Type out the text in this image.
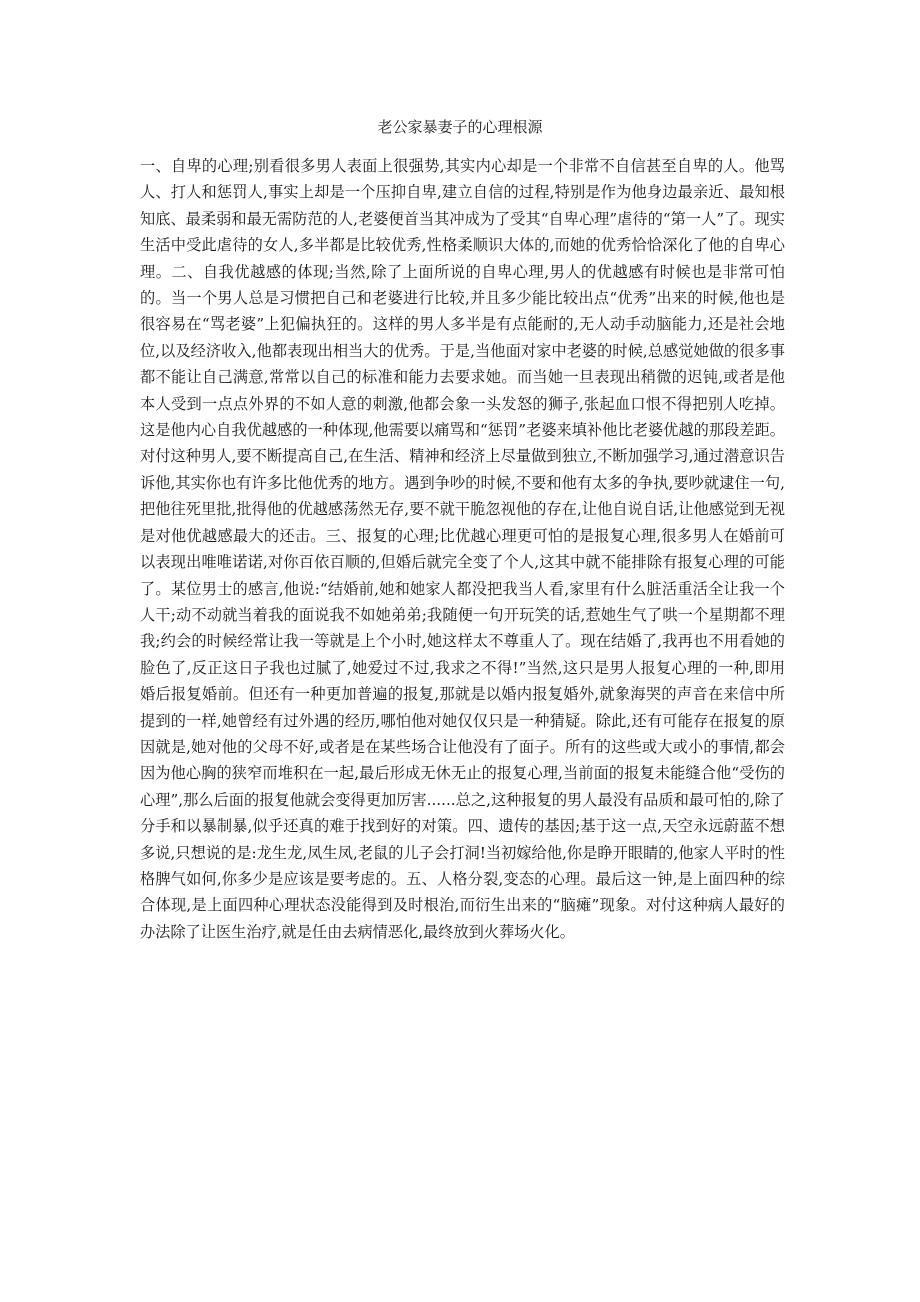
老公家暴妻子的心理根源

一、自卑的心理;别看很多男人表面上很强势,其实内心却是一个非常不自信甚至自卑的人。他骂人、打人和惩罚人,事实上却是一个压抑自卑,建立自信的过程,特别是作为他身边最亲近、最知根知底、最柔弱和最无需防范的人,老婆便首当其冲成为了受其“自卑心理”虐待的“第一人”了。现实生活中受此虐待的女人,多半都是比较优秀,性格柔顺识大体的,而她的优秀恰恰深化了他的自卑心理。二、自我优越感的体现;当然,除了上面所说的自卑心理,男人的优越感有时候也是非常可怕的。当一个男人总是习惯把自己和老婆进行比较,并且多少能比较出点“优秀”出来的时候,他也是很容易在“骂老婆”上犯偏执狂的。这样的男人多半是有点能耐的,无人动手动脑能力,还是社会地位,以及经济收入,他都表现出相当大的优秀。于是,当他面对家中老婆的时候,总感觉她做的很多事都不能让自己满意,常常以自己的标准和能力去要求她。而当她一旦表现出稍微的迟钝,或者是他本人受到一点点外界的不如人意的刺激,他都会象一头发怒的狮子,张起血口恨不得把别人吃掉。这是他内心自我优越感的一种体现,他需要以痛骂和“惩罚”老婆来填补他比老婆优越的那段差距。对付这种男人,要不断提高自己,在生活、精神和经济上尽量做到独立,不断加强学习,通过潜意识告诉他,其实你也有许多比他优秀的地方。遇到争吵的时候,不要和他有太多的争执,要吵就逮住一句,把他往死里批,批得他的优越感荡然无存,要不就干脆忽视他的存在,让他自说自话,让他感觉到无视是对他优越感最大的还击。三、报复的心理;比优越心理更可怕的是报复心理,很多男人在婚前可以表现出唯唯诺诺,对你百依百顺的,但婚后就完全变了个人,这其中就不能排除有报复心理的可能了。某位男士的感言,他说:“结婚前,她和她家人都没把我当人看,家里有什么脏活重活全让我一个人干;动不动就当着我的面说我不如她弟弟;我随便一句开玩笑的话,惹她生气了哄一个星期都不理我;约会的时候经常让我一等就是上个小时,她这样太不尊重人了。现在结婚了,我再也不用看她的脸色了,反正这日子我也过腻了,她爱过不过,我求之不得!”当然,这只是男人报复心理的一种,即用婚后报复婚前。但还有一种更加普遍的报复,那就是以婚内报复婚外,就象海哭的声音在来信中所提到的一样,她曾经有过外遇的经历,哪怕他对她仅仅只是一种猜疑。除此,还有可能存在报复的原因就是,她对他的父母不好,或者是在某些场合让他没有了面子。所有的这些或大或小的事情,都会因为他心胸的狭窄而堆积在一起,最后形成无休无止的报复心理,当前面的报复未能缝合他“受伤的心理”,那么后面的报复他就会变得更加厉害......总之,这种报复的男人最没有品质和最可怕的,除了分手和以暴制暴,似乎还真的难于找到好的对策。四、遗传的基因;基于这一点,天空永远蔚蓝不想多说,只想说的是:龙生龙,凤生凤,老鼠的儿子会打洞!当初嫁给他,你是睁开眼睛的,他家人平时的性格脾气如何,你多少是应该是要考虑的。五、人格分裂,变态的心理。最后这一钟,是上面四种的综合体现,是上面四种心理状态没能得到及时根治,而衍生出来的“脑瘫”现象。对付这种病人最好的办法除了让医生治疗,就是任由去病情恶化,最终放到火葬场火化。
